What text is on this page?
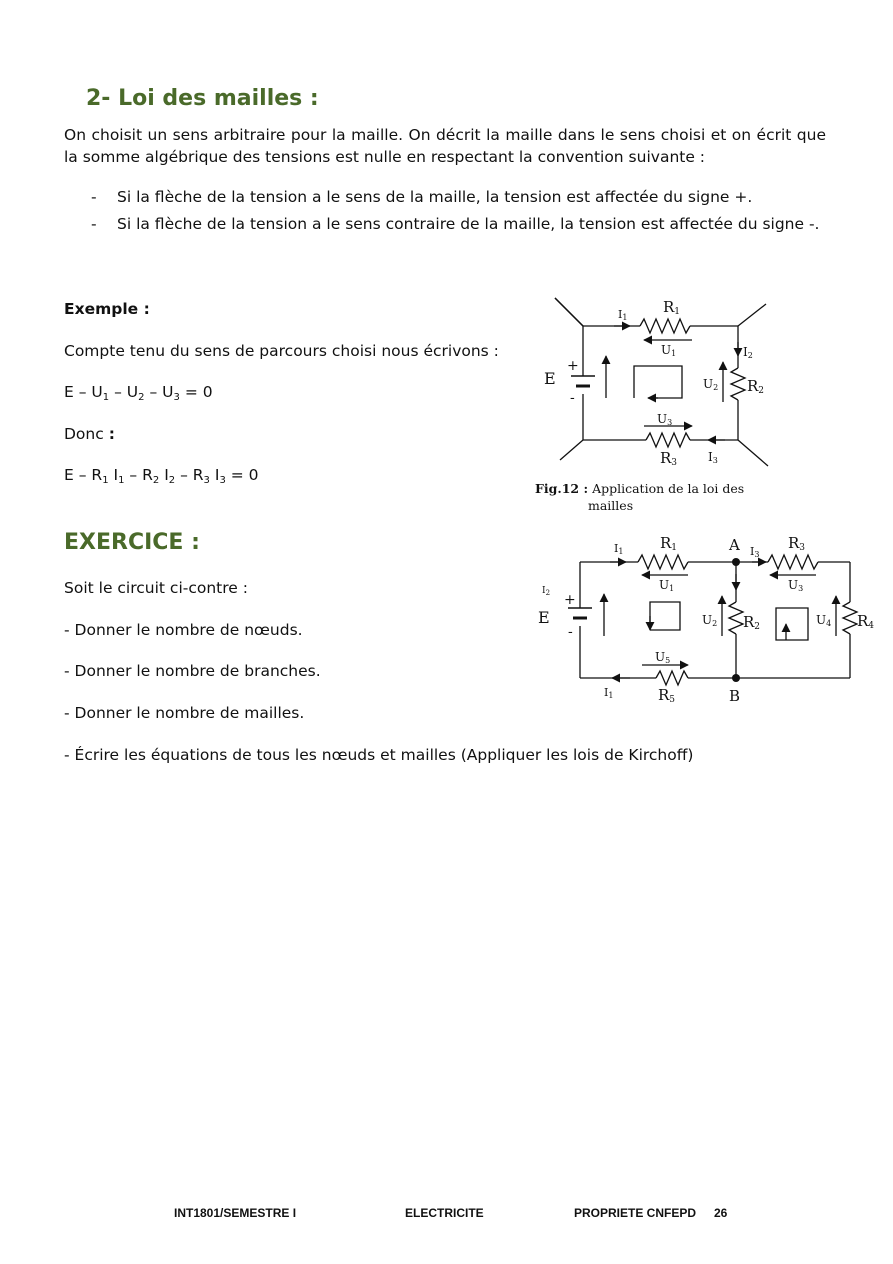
2- Loi des mailles :
On choisit un sens arbitraire pour la maille. On décrit la maille dans le sens choisi et on écrit que la somme algébrique des tensions est nulle en respectant la convention suivante :
- Si la flèche de la tension a le sens de la maille, la tension est affectée du signe +.
- Si la flèche de la tension a le sens contraire de la maille, la tension est affectée du signe -.
Exemple :
Compte tenu du sens de parcours choisi nous écrivons :
$E - U_1 - U_2 - U_3 = 0$
Donc :
E – $R_1$ $I_1 - R_2$ $I_2 - R_3$ $I_3 = 0$
E
+
-
R1
I1
U1	I2
U2 R2
U3
R3	I3
Fig.12 : Application de la loi des
mailles
EXERCICE :
Soit le circuit ci-contre :
- Donner le nombre de nœuds.
- Donner le nombre de branches.
- Donner le nombre de mailles.
- Écrire les équations de tous les nœuds et mailles (Appliquer les lois de Kirchoff)
E
+
-
$I_2$
I1 R1
U1
A I3
R3
U3
U2 R2	U4 R4
U5
I1	R5	B
INT1801/SEMESTRE I	ELECTRICITE	PROPRIETE CNFEPD 26
